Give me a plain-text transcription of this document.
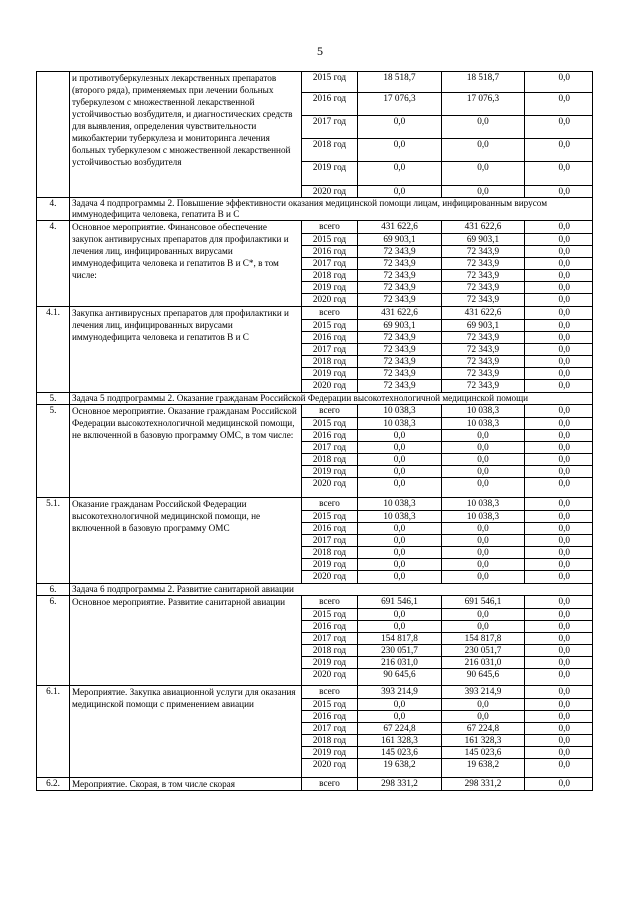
5
	и противотуберкулезных лекарственных препаратов (второго ряда), применяемых при лечении больных туберкулезом с множественной лекарственной устойчивостью возбудителя, и диагностических средств для выявления, определения чувствительности микобактерии туберкулеза и мониторинга лечения больных туберкулезом с множественной лекарственной устойчивостью возбудителя	2015 год	18 518,7	18 518,7	0,0
		2016 год	17 076,3	17 076,3	0,0
		2017 год	0,0	0,0	0,0
		2018 год	0,0	0,0	0,0
		2019 год	0,0	0,0	0,0
		2020 год	0,0	0,0	0,0
4.	Задача 4 подпрограммы 2. Повышение эффективности оказания медицинской помощи лицам, инфицированным вирусом иммунодефицита человека, гепатита В и С				
4.	Основное мероприятие. Финансовое обеспечение закупок антивирусных препаратов для профилактики и лечения лиц, инфицированных вирусами иммунодефицита человека и гепатитов В и С*, в том числе:	всего	431 622,6	431 622,6	0,0
		2015 год	69 903,1	69 903,1	0,0
		2016 год	72 343,9	72 343,9	0,0
		2017 год	72 343,9	72 343,9	0,0
		2018 год	72 343,9	72 343,9	0,0
		2019 год	72 343,9	72 343,9	0,0
		2020 год	72 343,9	72 343,9	0,0
4.1.	Закупка антивирусных препаратов для профилактики и лечения лиц, инфицированных вирусами иммунодефицита человека и гепатитов В и С	всего	431 622,6	431 622,6	0,0
		2015 год	69 903,1	69 903,1	0,0
		2016 год	72 343,9	72 343,9	0,0
		2017 год	72 343,9	72 343,9	0,0
		2018 год	72 343,9	72 343,9	0,0
		2019 год	72 343,9	72 343,9	0,0
		2020 год	72 343,9	72 343,9	0,0
5.	Задача 5 подпрограммы 2. Оказание гражданам Российской Федерации высокотехнологичной медицинской помощи				
5.	Основное мероприятие. Оказание гражданам Российской Федерации высокотехнологичной медицинской помощи, не включенной в базовую программу ОМС, в том числе:	всего	10 038,3	10 038,3	0,0
		2015 год	10 038,3	10 038,3	0,0
		2016 год	0,0	0,0	0,0
		2017 год	0,0	0,0	0,0
		2018 год	0,0	0,0	0,0
		2019 год	0,0	0,0	0,0
		2020 год	0,0	0,0	0,0
5.1.	Оказание гражданам Российской Федерации высокотехнологичной медицинской помощи, не включенной в базовую программу ОМС	всего	10 038,3	10 038,3	0,0
		2015 год	10 038,3	10 038,3	0,0
		2016 год	0,0	0,0	0,0
		2017 год	0,0	0,0	0,0
		2018 год	0,0	0,0	0,0
		2019 год	0,0	0,0	0,0
		2020 год	0,0	0,0	0,0
6.	Задача 6 подпрограммы 2. Развитие санитарной авиации				
6.	Основное мероприятие. Развитие санитарной авиации	всего	691 546,1	691 546,1	0,0
		2015 год	0,0	0,0	0,0
		2016 год	0,0	0,0	0,0
		2017 год	154 817,8	154 817,8	0,0
		2018 год	230 051,7	230 051,7	0,0
		2019 год	216 031,0	216 031,0	0,0
		2020 год	90 645,6	90 645,6	0,0
6.1.	Мероприятие. Закупка авиационной услуги для оказания медицинской помощи с применением авиации	всего	393 214,9	393 214,9	0,0
		2015 год	0,0	0,0	0,0
		2016 год	0,0	0,0	0,0
		2017 год	67 224,8	67 224,8	0,0
		2018 год	161 328,3	161 328,3	0,0
		2019 год	145 023,6	145 023,6	0,0
		2020 год	19 638,2	19 638,2	0,0
6.2.	Мероприятие. Скорая, в том числе скорая	всего	298 331,2	298 331,2	0,0
